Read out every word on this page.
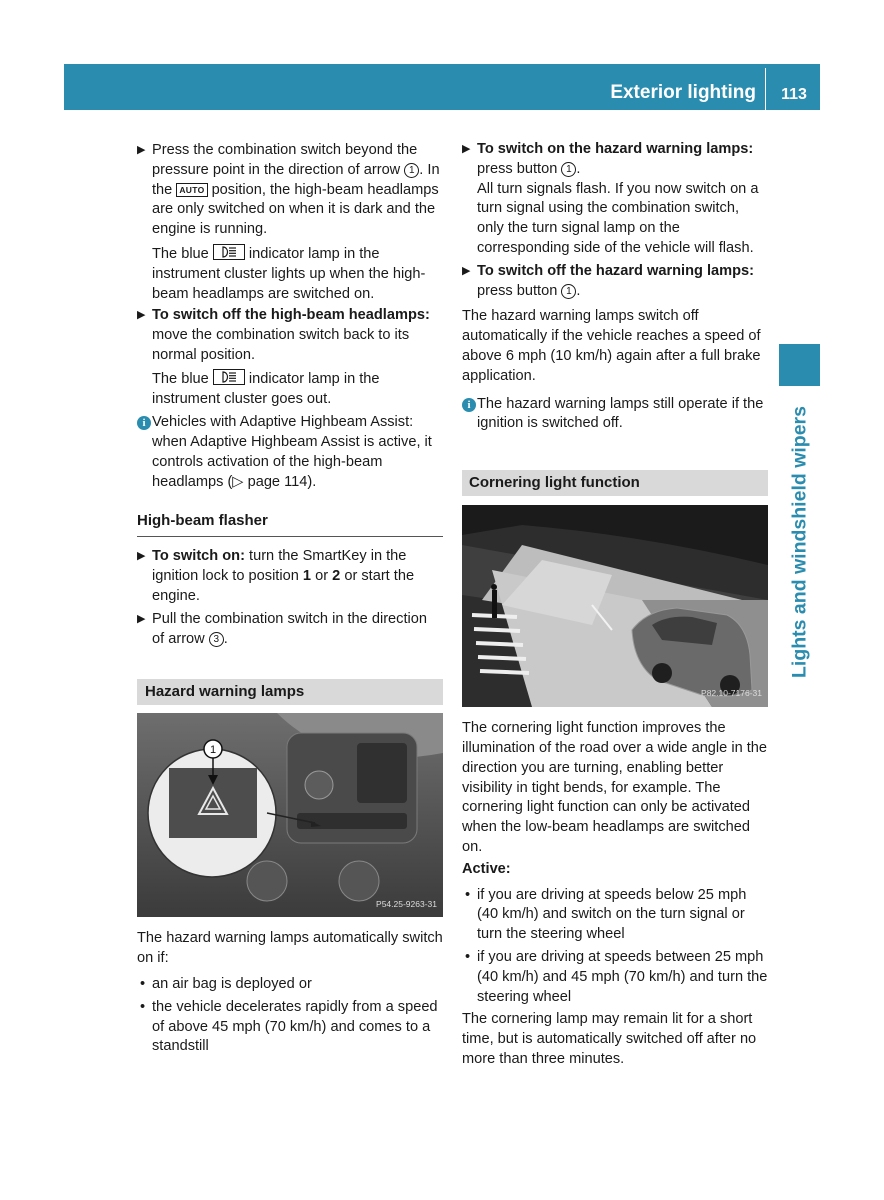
Exterior lighting	113
Lights and windshield wipers
▶ Press the combination switch beyond the pressure point in the direction of arrow 1 . In the AUTO position, the high-beam headlamps are only switched on when it is dark and the engine is running.
The blue	indicator lamp in the instrument cluster lights up when the high-beam headlamps are switched on.
▶ To switch off the high-beam headlamps: move the combination switch back to its normal position.
The blue	indicator lamp in the instrument cluster goes out.
i Vehicles with Adaptive Highbeam Assist: when Adaptive Highbeam Assist is active, it controls activation of the high-beam headlamps (▷ page 114).
High-beam flasher
▶ To switch on: turn the SmartKey in the ignition lock to position 1 or 2 or start the engine.
▶ Pull the combination switch in the direction of arrow 3 .
Hazard warning lamps
1
P54.25-9263-31
The hazard warning lamps automatically switch on if:
• an air bag is deployed or
• the vehicle decelerates rapidly from a speed of above 45 mph (70 km/h) and comes to a standstill
▶ To switch on the hazard warning lamps:
press button 1 .
All turn signals flash. If you now switch on a turn signal using the combination switch, only the turn signal lamp on the corresponding side of the vehicle will flash.
▶ To switch off the hazard warning lamps:
press button 1 .
The hazard warning lamps switch off automatically if the vehicle reaches a speed of above 6 mph (10 km/h) again after a full brake application.
i The hazard warning lamps still operate if the ignition is switched off.
Cornering light function
P82.10-7176-31
The cornering light function improves the illumination of the road over a wide angle in the direction you are turning, enabling better visibility in tight bends, for example. The cornering light function can only be activated when the low-beam headlamps are switched on.
Active:
• if you are driving at speeds below 25 mph (40 km/h) and switch on the turn signal or turn the steering wheel
• if you are driving at speeds between 25 mph (40 km/h) and 45 mph (70 km/h) and turn the steering wheel
The cornering lamp may remain lit for a short time, but is automatically switched off after no more than three minutes.
